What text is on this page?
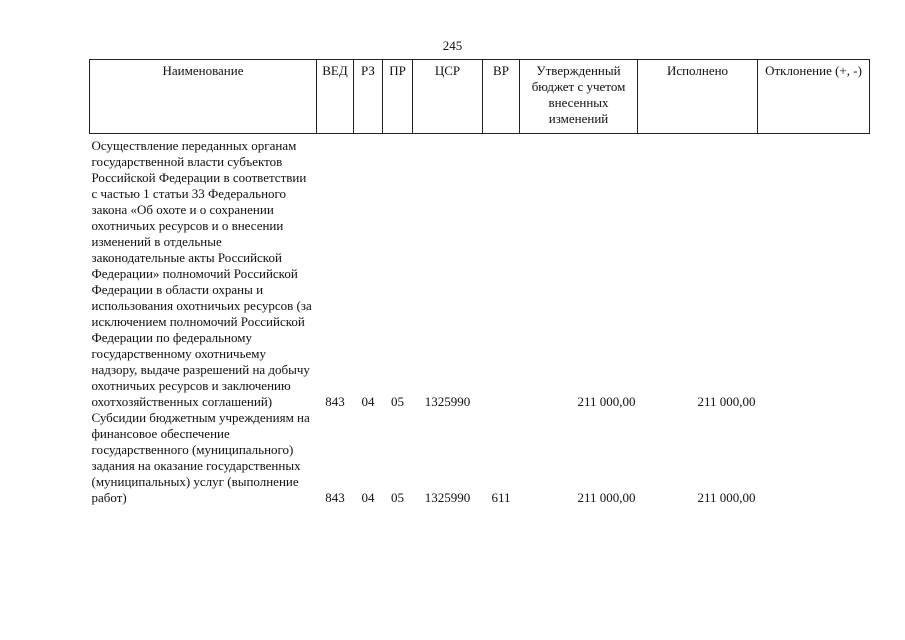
245
Наименование	ВЕД	РЗ	ПР	ЦСР	ВР	Утвержденный бюджет с учетом внесенных изменений	Исполнено	Отклонение (+, -)
Осуществление переданных органам государственной власти субъектов Российской Федерации в соответствии с частью 1 статьи 33 Федерального закона «Об охоте и о сохранении охотничьих ресурсов и о внесении изменений в отдельные законодательные акты Российской Федерации» полномочий Российской Федерации в области охраны и использования охотничьих ресурсов (за исключением полномочий Российской Федерации по федеральному государственному охотничьему надзору, выдаче разрешений на добычу охотничьих ресурсов и заключению охотхозяйственных соглашений)	843	04	05	1325990		211 000,00	211 000,00	
Субсидии бюджетным учреждениям на финансовое обеспечение государственного (муниципального) задания на оказание государственных (муниципальных) услуг (выполнение работ)	843	04	05	1325990	611	211 000,00	211 000,00	
